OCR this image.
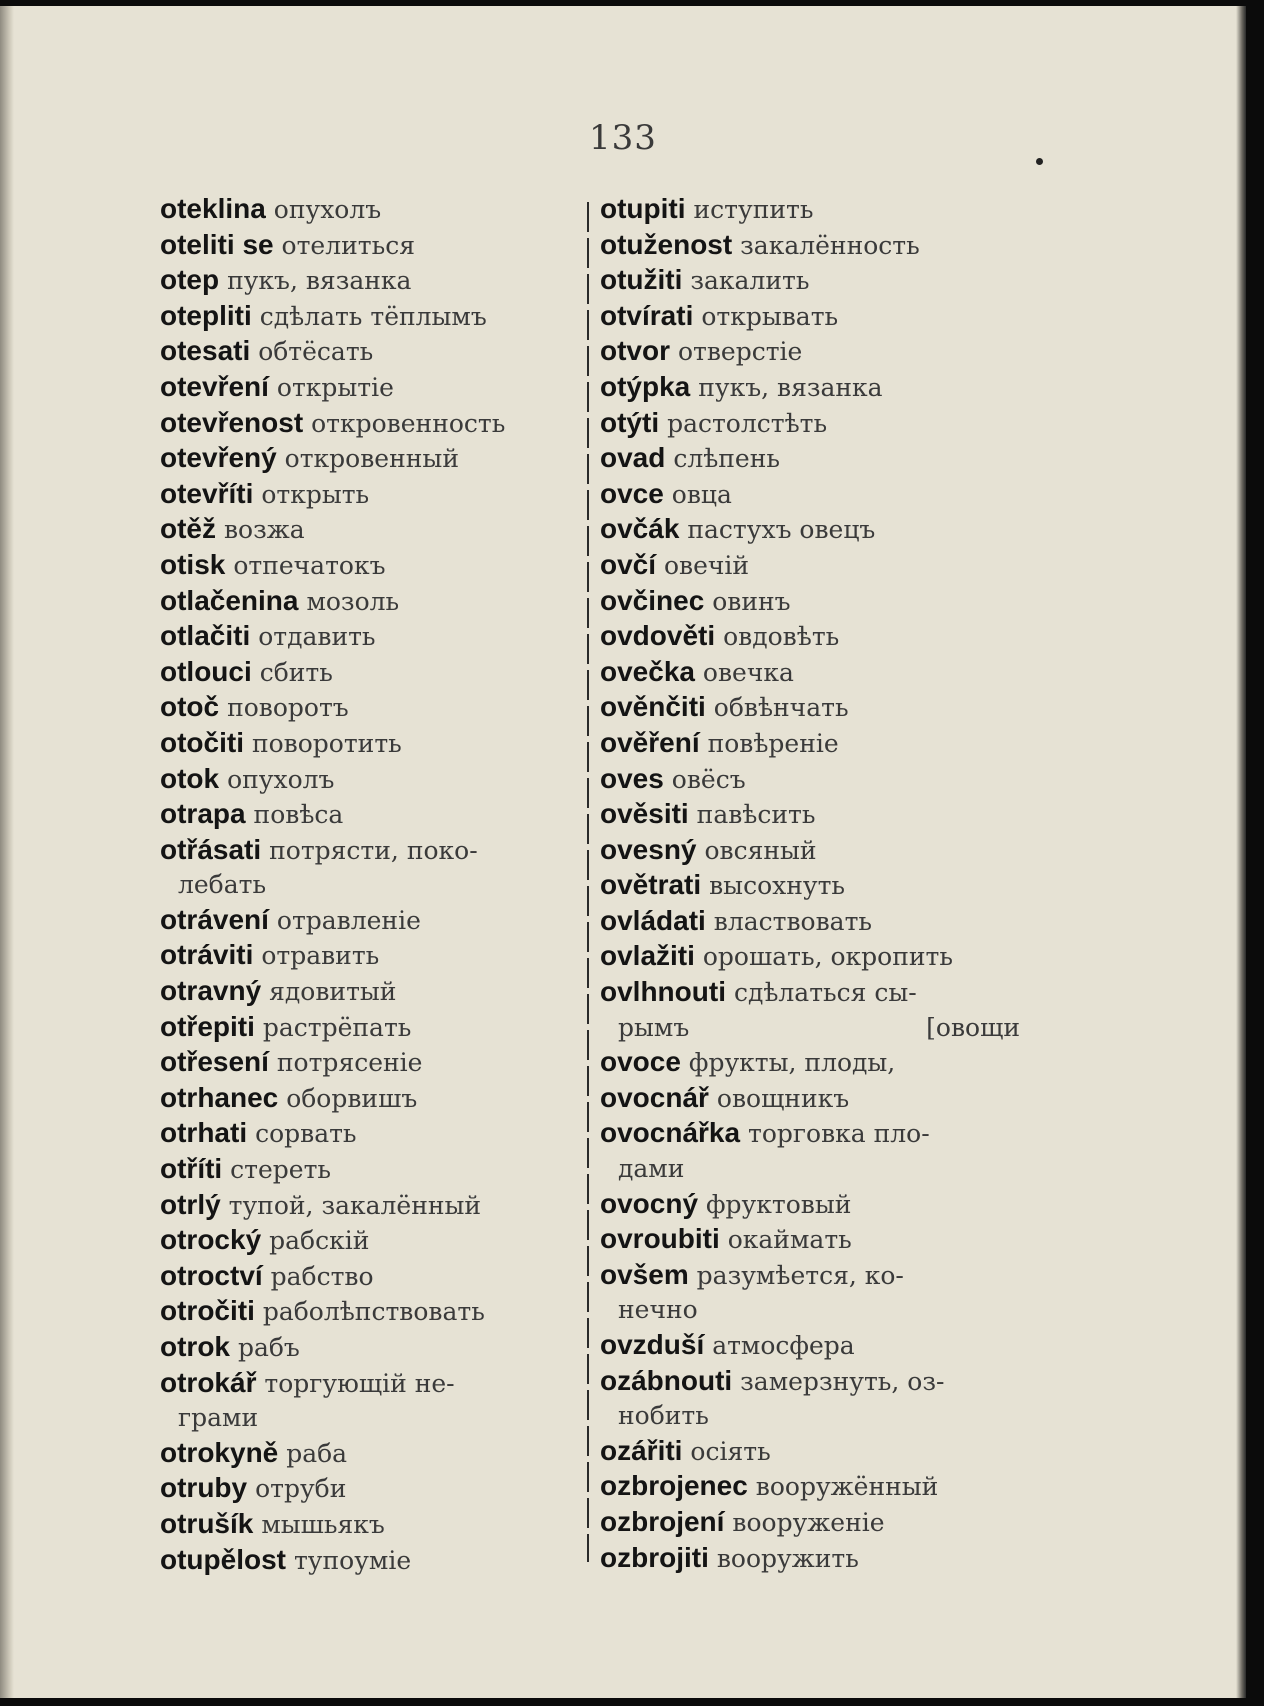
133
oteklina опухолъ
oteliti se отелиться
otep пукъ, вязанка
otepliti сдѣлать тёплымъ
otesati обтёсать
otevření открытіе
otevřenost откровенность
otevřený откровенный
otevříti открыть
otěž возжа
otisk отпечатокъ
otlačenina мозоль
otlačiti отдавить
otlouci сбить
otoč поворотъ
otočiti поворотить
otok опухолъ
otrapa повѣса
otřásati потрясти, поко-
лебать
otrávení отравленіе
otráviti отравить
otravný ядовитый
otřepiti растрёпать
otřesení потрясеніе
otrhanec оборвишъ
otrhati сорвать
otříti стереть
otrlý тупой, закалённый
otrocký рабскій
otroctví рабство
otročiti раболѣпствовать
otrok рабъ
otrokář торгующій не-
грами
otrokyně раба
otruby отруби
otrušík мышьякъ
otupělost тупоуміе
otupiti иступить
otuženost закалённость
otužiti закалить
otvírati открывать
otvor отверстіе
otýpka пукъ, вязанка
otýti растолстѣть
ovad слѣпень
ovce овца
ovčák пастухъ овецъ
ovčí овечій
ovčinec овинъ
ovdověti овдовѣть
ovečka овечка
ověnčiti обвѣнчать
ověření повѣреніе
oves овёсъ
ověsiti павѣсить
ovesný овсяный
ovětrati высохнуть
ovládati властвовать
ovlažiti орошать, окропить
ovlhnouti сдѣлаться сы-
рымъ	[овощи
ovoce фрукты, плоды,
ovocnář овощникъ
ovocnářka торговка пло-
дами
ovocný фруктовый
ovroubiti окаймать
ovšem разумѣется, ко-
нечно
ovzduší атмосфера
ozábnouti замерзнуть, оз-
нобить
ozářiti осіять
ozbrojenec вооружённый
ozbrojení вооруженіе
ozbrojiti вооружить
